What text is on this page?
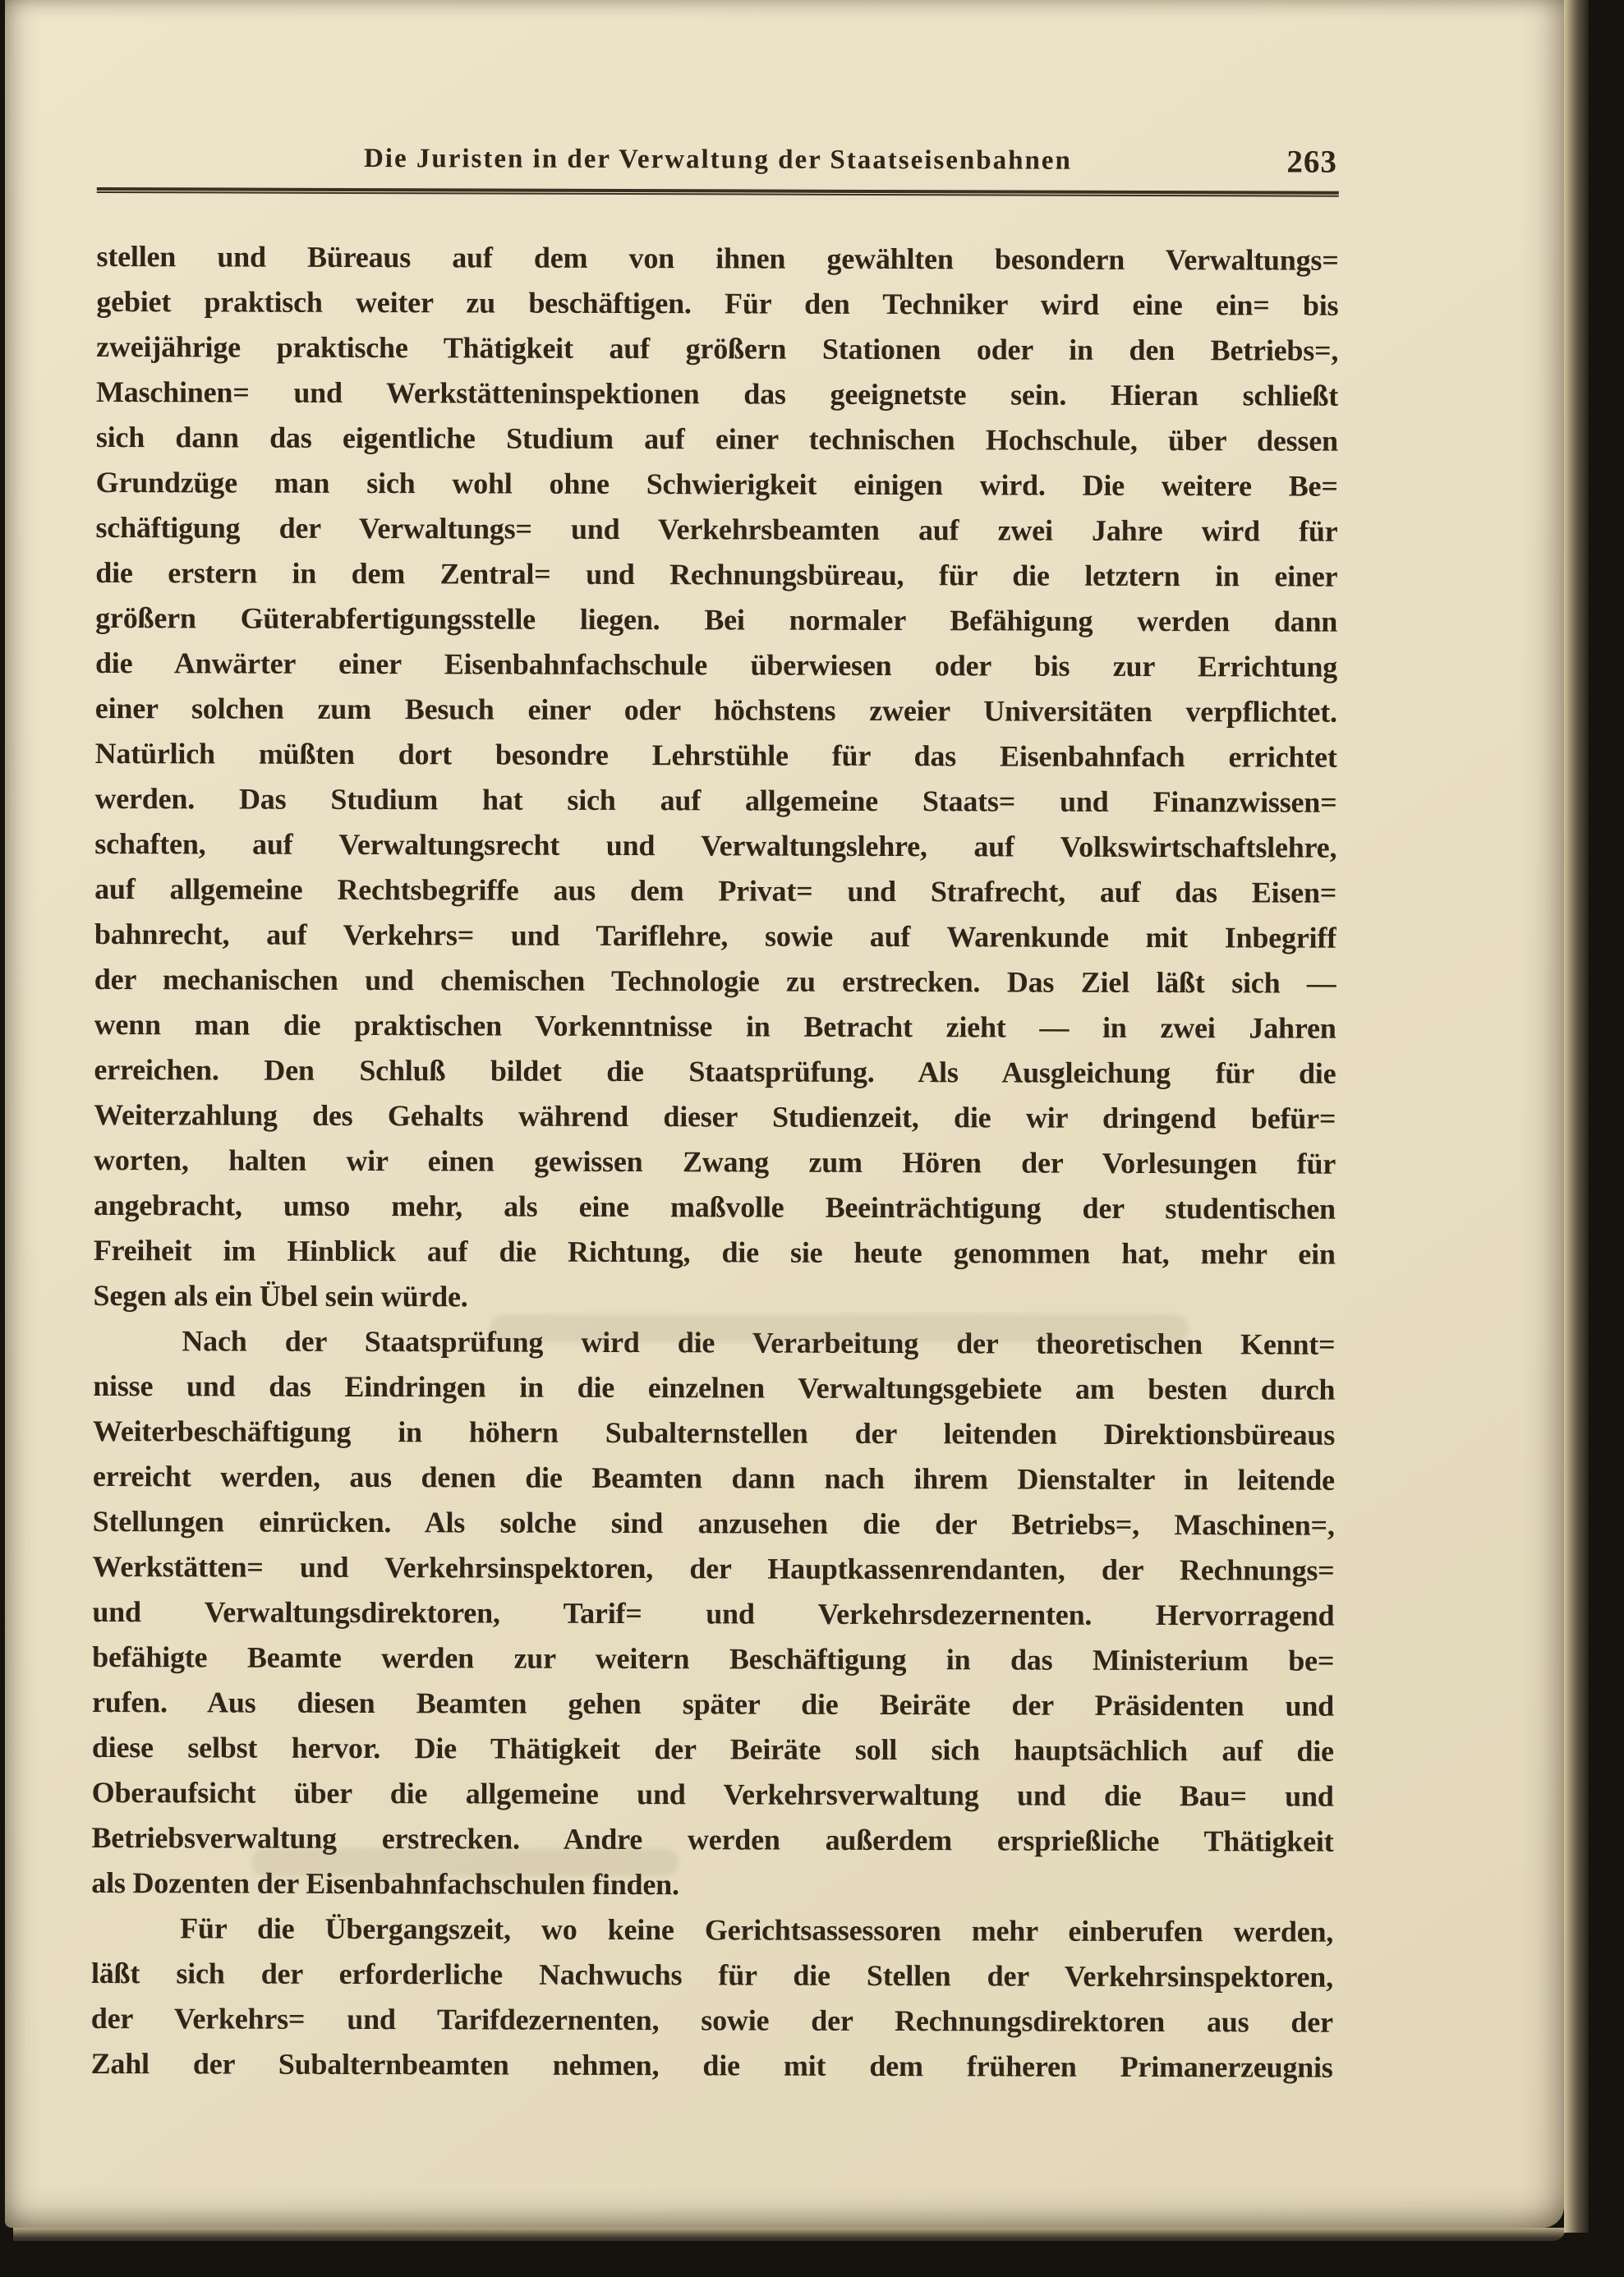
Die Juristen in der Verwaltung der Staatseisenbahnen	263
stellen und Büreaus auf dem von ihnen gewählten besondern Verwaltungs=
gebiet praktisch weiter zu beschäftigen. Für den Techniker wird eine ein= bis
zweijährige praktische Thätigkeit auf größern Stationen oder in den Betriebs=,
Maschinen= und Werkstätteninspektionen das geeignetste sein. Hieran schließt
sich dann das eigentliche Studium auf einer technischen Hochschule, über dessen
Grundzüge man sich wohl ohne Schwierigkeit einigen wird. Die weitere Be=
schäftigung der Verwaltungs= und Verkehrsbeamten auf zwei Jahre wird für
die erstern in dem Zentral= und Rechnungsbüreau, für die letztern in einer
größern Güterabfertigungsstelle liegen. Bei normaler Befähigung werden dann
die Anwärter einer Eisenbahnfachschule überwiesen oder bis zur Errichtung
einer solchen zum Besuch einer oder höchstens zweier Universitäten verpflichtet.
Natürlich müßten dort besondre Lehrstühle für das Eisenbahnfach errichtet
werden. Das Studium hat sich auf allgemeine Staats= und Finanzwissen=
schaften, auf Verwaltungsrecht und Verwaltungslehre, auf Volkswirtschaftslehre,
auf allgemeine Rechtsbegriffe aus dem Privat= und Strafrecht, auf das Eisen=
bahnrecht, auf Verkehrs= und Tariflehre, sowie auf Warenkunde mit Inbegriff
der mechanischen und chemischen Technologie zu erstrecken. Das Ziel läßt sich —
wenn man die praktischen Vorkenntnisse in Betracht zieht — in zwei Jahren
erreichen. Den Schluß bildet die Staatsprüfung. Als Ausgleichung für die
Weiterzahlung des Gehalts während dieser Studienzeit, die wir dringend befür=
worten, halten wir einen gewissen Zwang zum Hören der Vorlesungen für
angebracht, umso mehr, als eine maßvolle Beeinträchtigung der studentischen
Freiheit im Hinblick auf die Richtung, die sie heute genommen hat, mehr ein
Segen als ein Übel sein würde.
Nach der Staatsprüfung wird die Verarbeitung der theoretischen Kennt=
nisse und das Eindringen in die einzelnen Verwaltungsgebiete am besten durch
Weiterbeschäftigung in höhern Subalternstellen der leitenden Direktionsbüreaus
erreicht werden, aus denen die Beamten dann nach ihrem Dienstalter in leitende
Stellungen einrücken. Als solche sind anzusehen die der Betriebs=, Maschinen=,
Werkstätten= und Verkehrsinspektoren, der Hauptkassenrendanten, der Rechnungs=
und Verwaltungsdirektoren, Tarif= und Verkehrsdezernenten. Hervorragend
befähigte Beamte werden zur weitern Beschäftigung in das Ministerium be=
rufen. Aus diesen Beamten gehen später die Beiräte der Präsidenten und
diese selbst hervor. Die Thätigkeit der Beiräte soll sich hauptsächlich auf die
Oberaufsicht über die allgemeine und Verkehrsverwaltung und die Bau= und
Betriebsverwaltung erstrecken. Andre werden außerdem ersprießliche Thätigkeit
als Dozenten der Eisenbahnfachschulen finden.
Für die Übergangszeit, wo keine Gerichtsassessoren mehr einberufen werden,
läßt sich der erforderliche Nachwuchs für die Stellen der Verkehrsinspektoren,
der Verkehrs= und Tarifdezernenten, sowie der Rechnungsdirektoren aus der
Zahl der Subalternbeamten nehmen, die mit dem früheren Primanerzeugnis
